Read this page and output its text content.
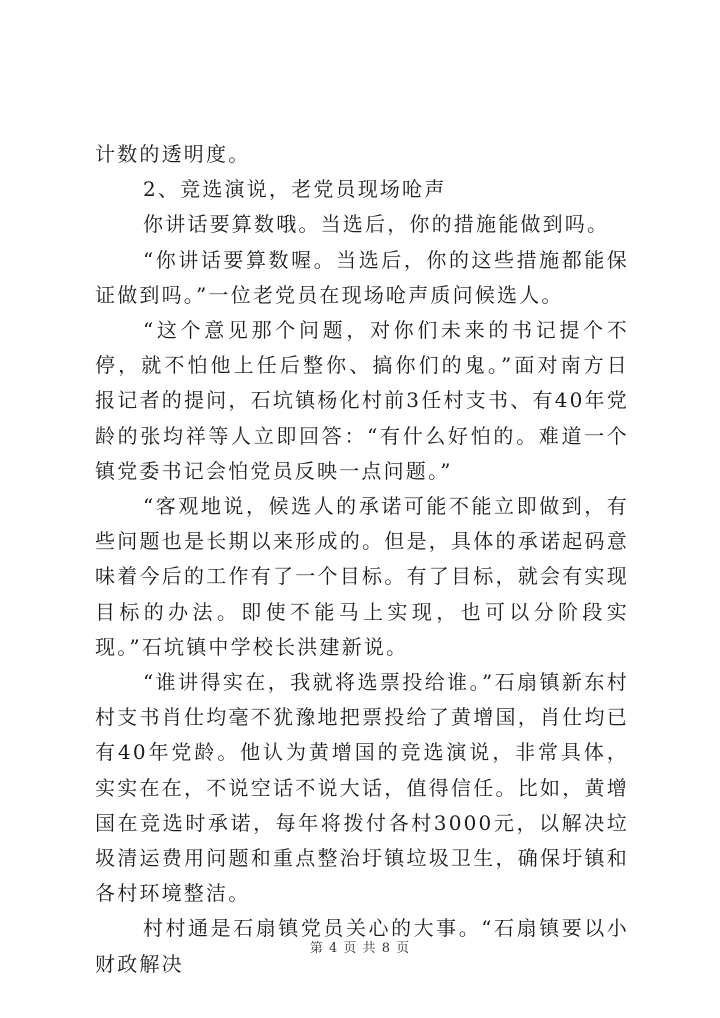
计数的透明度。

2、竞选演说，老党员现场呛声

你讲话要算数哦。当选后，你的措施能做到吗。

“你讲话要算数喔。当选后，你的这些措施都能保证做到吗。”一位老党员在现场呛声质问候选人。

“这个意见那个问题，对你们未来的书记提个不停，就不怕他上任后整你、搞你们的鬼。”面对南方日报记者的提问，石坑镇杨化村前3任村支书、有40年党龄的张均祥等人立即回答：“有什么好怕的。难道一个镇党委书记会怕党员反映一点问题。”

“客观地说，候选人的承诺可能不能立即做到，有些问题也是长期以来形成的。但是，具体的承诺起码意味着今后的工作有了一个目标。有了目标，就会有实现目标的办法。即使不能马上实现，也可以分阶段实现。”石坑镇中学校长洪建新说。

“谁讲得实在，我就将选票投给谁。”石扇镇新东村村支书肖仕均毫不犹豫地把票投给了黄增国，肖仕均已有40年党龄。他认为黄增国的竞选演说，非常具体，实实在在，不说空话不说大话，值得信任。比如，黄增国在竞选时承诺，每年将拨付各村3000元，以解决垃圾清运费用问题和重点整治圩镇垃圾卫生，确保圩镇和各村环境整洁。

村村通是石扇镇党员关心的大事。“石扇镇要以小财政解决

第 4 页 共 8 页
